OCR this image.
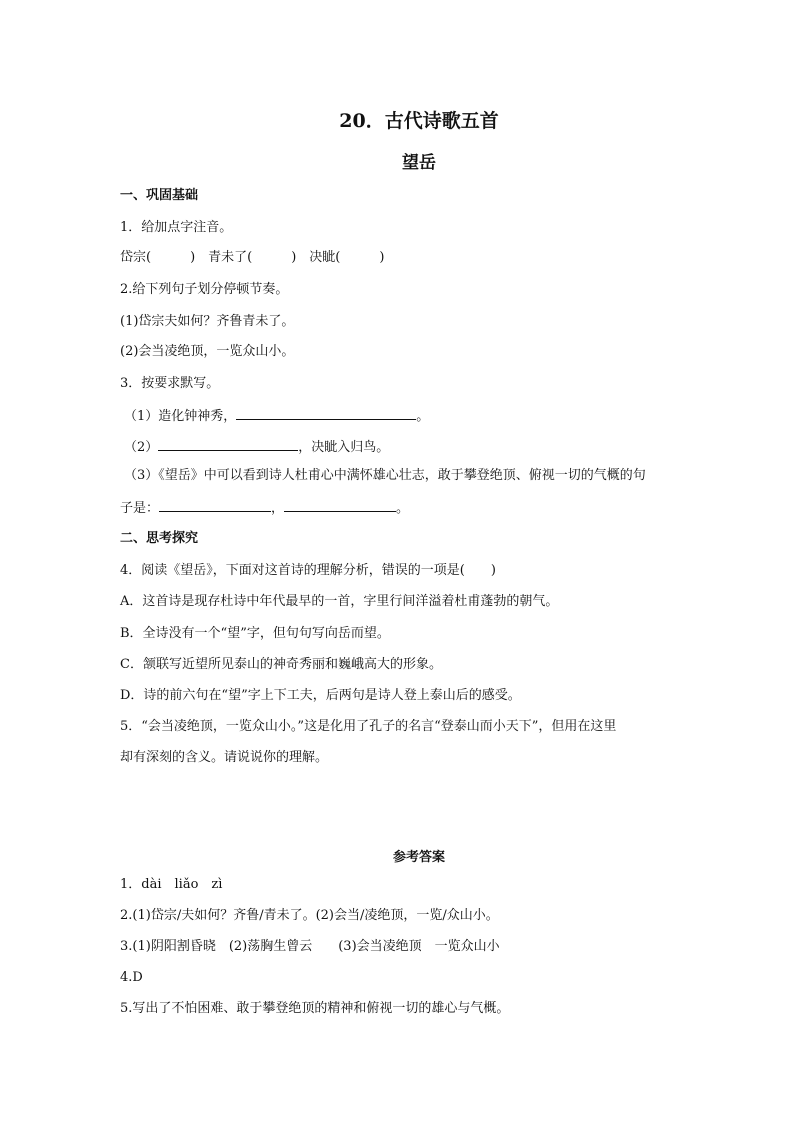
20．古代诗歌五首
望岳
一、巩固基础
1．给加点字注音。
岱宗(　　　)　青未了(　　　)　决眦(　　　)
2.给下列句子划分停顿节奏。
(1)岱宗夫如何？齐鲁青未了。
(2)会当凌绝顶，一览众山小。
3．按要求默写。
（1）造化钟神秀，	。
（2）	，决眦入归鸟。
（3）《望岳》中可以看到诗人杜甫心中满怀雄心壮志，敢于攀登绝顶、俯视一切的气概的句
子是：	，	。
二、思考探究
4．阅读《望岳》，下面对这首诗的理解分析，错误的一项是(　　)
A．这首诗是现存杜诗中年代最早的一首，字里行间洋溢着杜甫蓬勃的朝气。
B．全诗没有一个“望”字，但句句写向岳而望。
C．颔联写近望所见泰山的神奇秀丽和巍峨高大的形象。
D．诗的前六句在“望”字上下工夫，后两句是诗人登上泰山后的感受。
5．“会当凌绝顶，一览众山小。”这是化用了孔子的名言“登泰山而小天下”，但用在这里
却有深刻的含义。请说说你的理解。
参考答案
1．dài　liǎo　zì
2.(1)岱宗/夫如何？齐鲁/青未了。(2)会当/凌绝顶，一览/众山小。
3.(1)阴阳割昏晓　(2)荡胸生曾云　　(3)会当凌绝顶　一览众山小
4.D
5.写出了不怕困难、敢于攀登绝顶的精神和俯视一切的雄心与气概。
